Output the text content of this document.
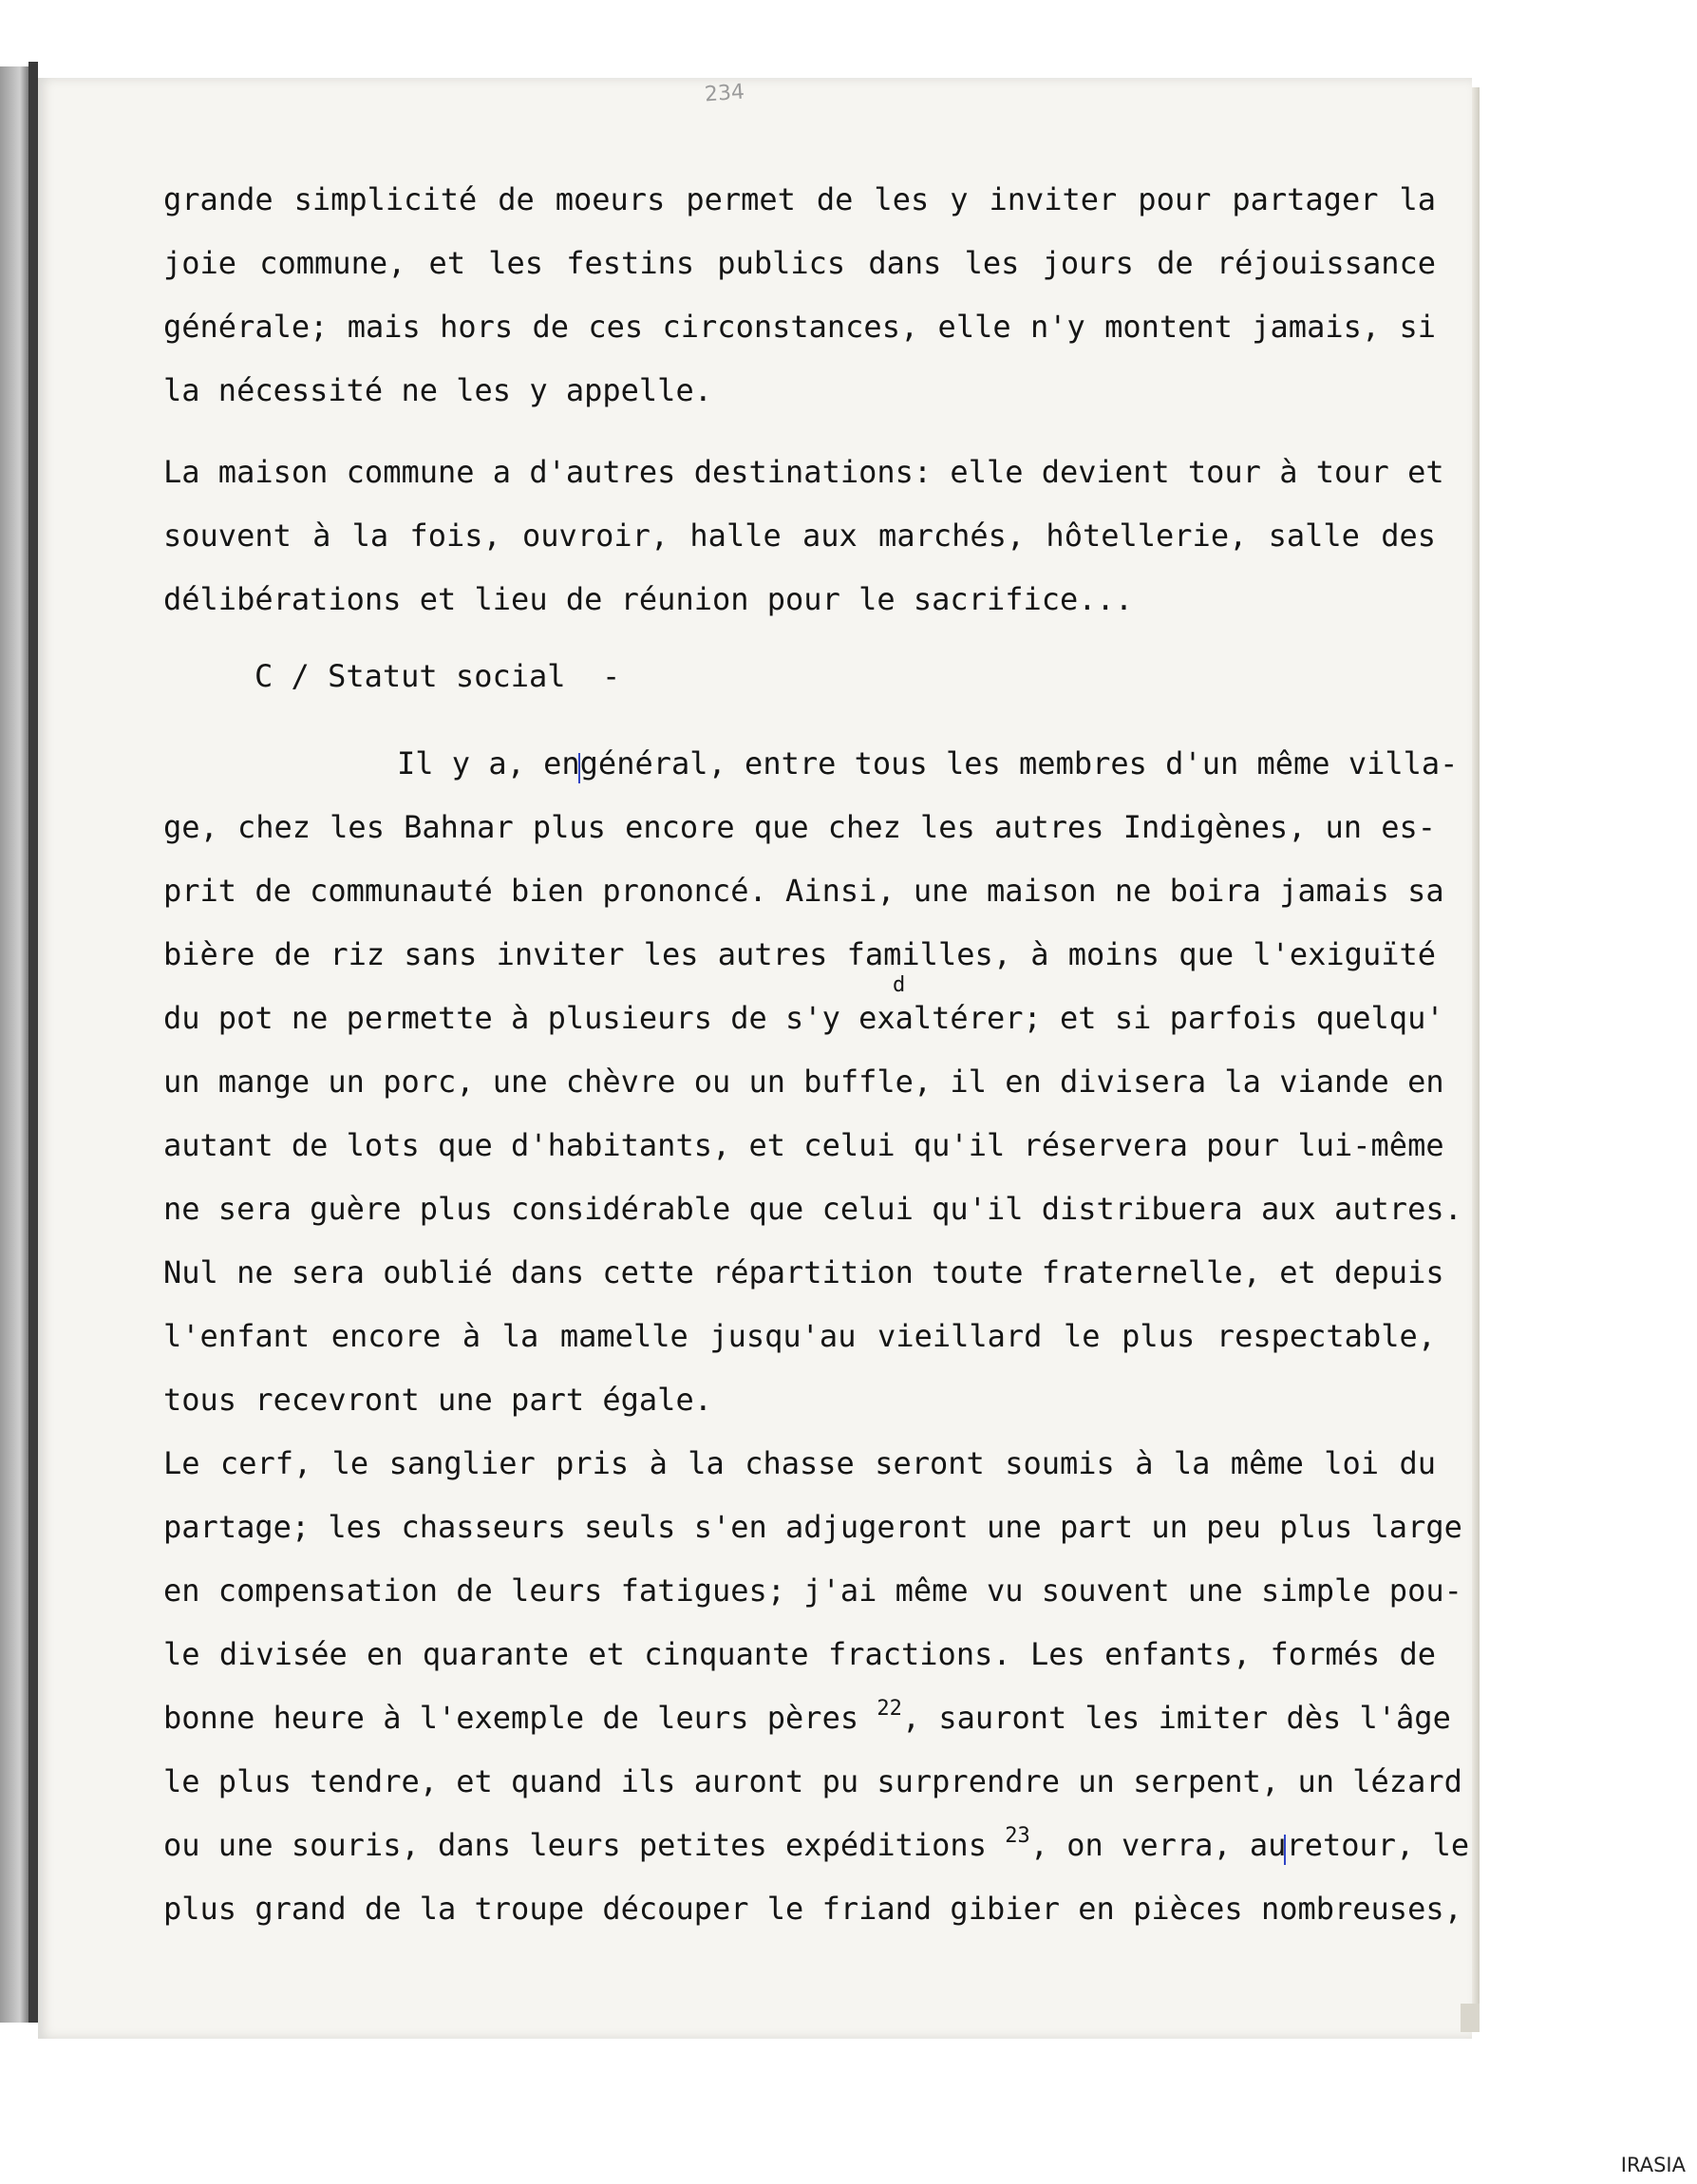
234
grande simplicité de moeurs permet de les y inviter pour partager la
joie commune, et les festins publics dans les jours de réjouissance
générale; mais hors de ces circonstances, elle n'y montent jamais, si
la nécessité ne les y appelle.
La maison commune a d'autres destinations: elle devient tour à tour et
souvent à la fois, ouvroir, halle aux marchés, hôtellerie, salle des
délibérations et lieu de réunion pour le sacrifice...
C / Statut social  -
Il y a, engénéral, entre tous les membres d'un même villa-
ge, chez les Bahnar plus encore que chez les autres Indigènes, un es-
prit de communauté bien prononcé. Ainsi, une maison ne boira jamais sa
bière de riz sans inviter les autres familles, à moins que l'exiguïté
d
du pot ne permette à plusieurs de s'y exaltérer; et si parfois quelqu'
un mange un porc, une chèvre ou un buffle, il en divisera la viande en
autant de lots que d'habitants, et celui qu'il réservera pour lui-même
ne sera guère plus considérable que celui qu'il distribuera aux autres.
Nul ne sera oublié dans cette répartition toute fraternelle, et depuis
l'enfant encore à la mamelle jusqu'au vieillard le plus respectable,
tous recevront une part égale.
Le cerf, le sanglier pris à la chasse seront soumis à la même loi du
partage; les chasseurs seuls s'en adjugeront une part un peu plus large
en compensation de leurs fatigues; j'ai même vu souvent une simple pou-
le divisée en quarante et cinquante fractions. Les enfants, formés de
bonne heure à l'exemple de leurs pères $^{22}$, sauront les imiter dès l'âge
le plus tendre, et quand ils auront pu surprendre un serpent, un lézard
ou une souris, dans leurs petites expéditions $^{23}$, on verra, auretour, le
plus grand de la troupe découper le friand gibier en pièces nombreuses,
IRASIA
